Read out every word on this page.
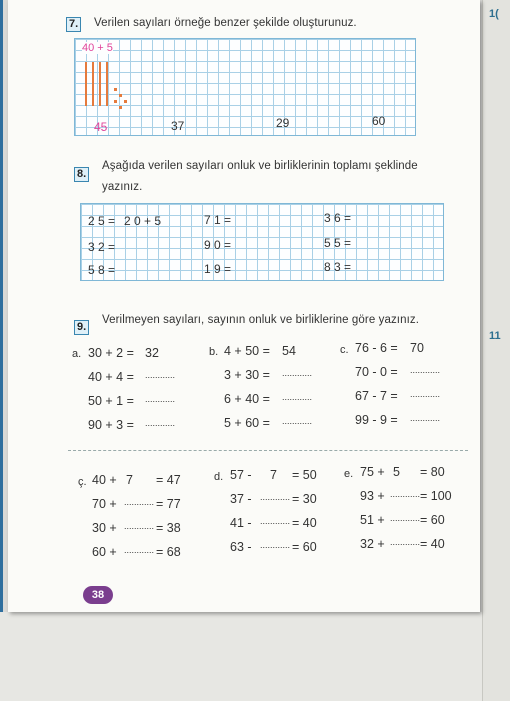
1(
11
7. Verilen sayıları örneğe benzer şekilde oluşturunuz.
40 + 5
45	37	29	60
8.
Aşağıda verilen sayıları onluk ve birliklerinin toplamı şeklinde
yazınız.
2 5 = 2 0 + 5	7 1 =	3 6 =
3 2 =	9 0 =	5 5 =
5 8 =	1 9 =	8 3 =
9.
Verilmeyen sayıları, sayının onluk ve birliklerine göre yazınız.
a. 30 + 2 = 32
40 + 4 = ............
50 + 1 = ............
90 + 3 = ............
b. 4 + 50 = 54
3 + 30 = ............
6 + 40 = ............
5 + 60 = ............
c. 76 - 6 = 70
70 - 0 = ............
67 - 7 = ............
99 - 9 = ............
ç. 40 + 7 = 47
70 + ............ = 77
30 + ............ = 38
60 + ............ = 68
d. 57 - 7 = 50
37 - ............ = 30
41 - ............ = 40
63 - ............ = 60
e. 75 + 5 = 80
93 + ............ = 100
51 + ............ = 60
32 + ............ = 40
38
